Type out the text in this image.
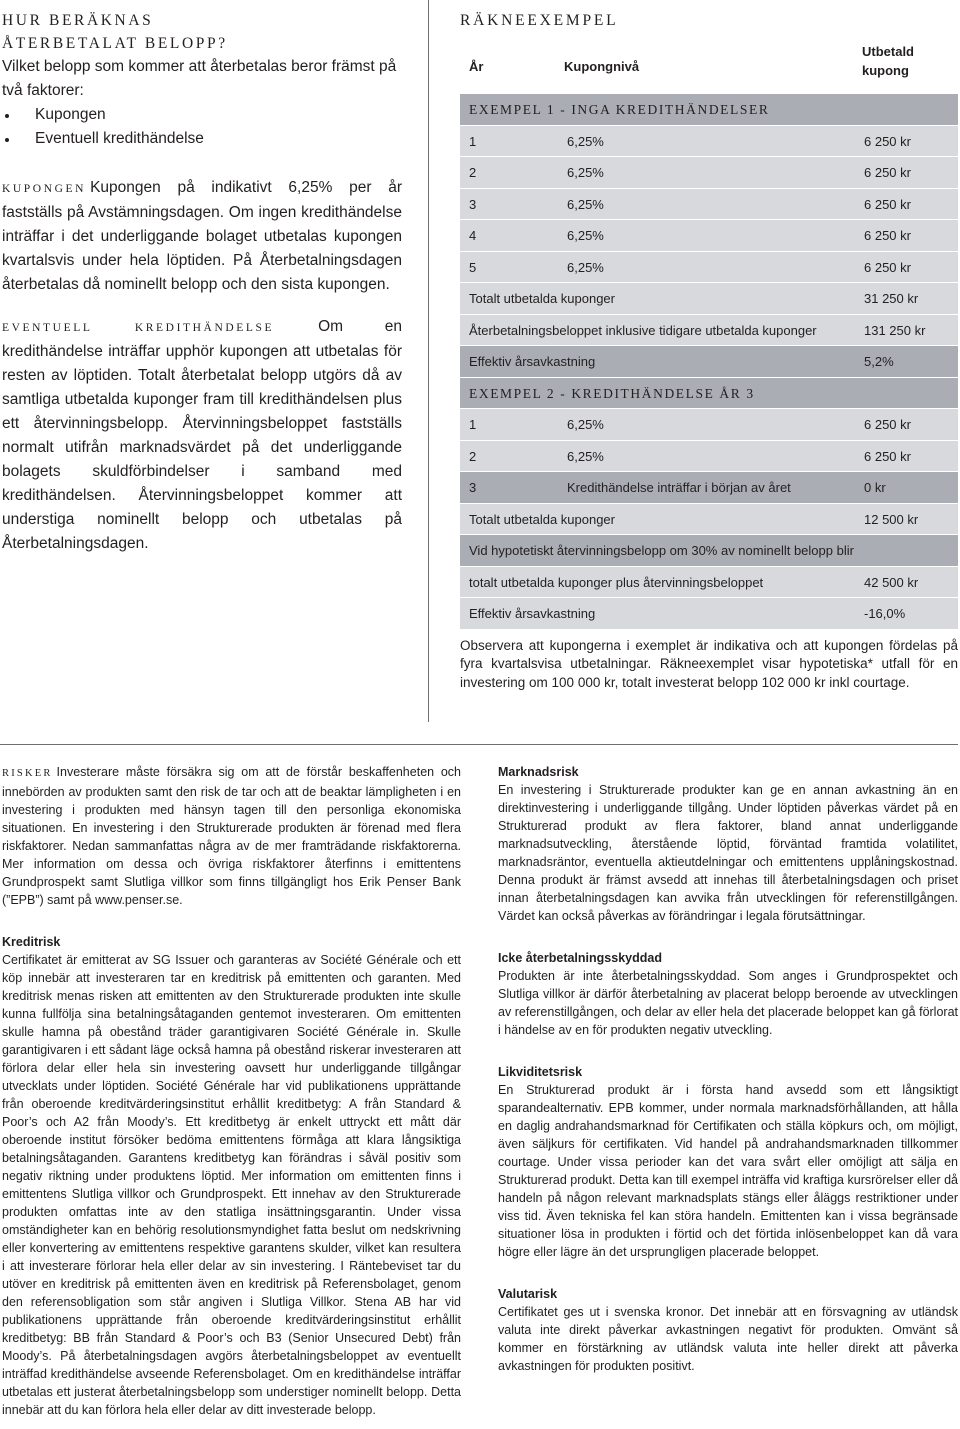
HUR BERÄKNAS
ÅTERBETALAT BELOPP?

Vilket belopp som kommer att återbetalas beror främst på två faktorer:

Kupongen
Eventuell kredithändelse

KUPONGEN Kupongen på indikativt 6,25% per år fastställs på Avstämningsdagen. Om ingen kredithändelse inträffar i det underliggande bolaget utbetalas kupongen kvartalsvis under hela löptiden. På Återbetalningsdagen återbetalas då nominellt belopp och den sista kupongen.

EVENTUELL KREDITHÄNDELSE	Om en kredithändelse inträffar upphör kupongen att utbetalas för resten av löptiden. Totalt återbetalat belopp utgörs då av samtliga utbetalda kuponger fram till kredithändelsen plus ett återvinningsbelopp. Återvinningsbeloppet fastställs normalt utifrån marknadsvärdet på det underliggande bolagets skuldförbindelser i samband med kredithändelsen. Återvinningsbeloppet kommer att understiga nominellt belopp och utbetalas på Återbetalningsdagen.

RÄKNEEXEMPEL
År	Kupongnivå
Utbetald
kupong
EXEMPEL 1 - INGA KREDITHÄNDELSER
1	6,25%	6 250 kr
2	6,25%	6 250 kr
3	6,25%	6 250 kr
4	6,25%	6 250 kr
5	6,25%	6 250 kr
Totalt utbetalda kuponger	31 250 kr
Återbetalningsbeloppet inklusive tidigare utbetalda kuponger	131 250 kr
Effektiv årsavkastning	5,2%
EXEMPEL 2 - KREDITHÄNDELSE ÅR 3
1	6,25%	6 250 kr
2	6,25%	6 250 kr
3	Kredithändelse inträffar i början av året	0 kr
Totalt utbetalda kuponger	12 500 kr
Vid hypotetiskt återvinningsbelopp om 30% av nominellt belopp blir
totalt utbetalda kuponger plus återvinningsbeloppet	42 500 kr
Effektiv årsavkastning	-16,0%

Observera att kupongerna i exemplet är indikativa och att kupongen fördelas på fyra kvartalsvisa utbetalningar. Räkneexemplet visar hypotetiska* utfall för en investering om 100 000 kr, totalt investerat belopp 102 000 kr inkl courtage.

RISKER Investerare måste försäkra sig om att de förstår beskaffenheten och innebörden av produkten samt den risk de tar och att de beaktar lämpligheten i en investering i produkten med hänsyn tagen till den personliga ekonomiska situationen. En investering i den Strukturerade produkten är förenad med flera riskfaktorer. Nedan sammanfattas några av de mer framträdande riskfaktorerna. Mer information om dessa och övriga riskfaktorer återfinns i emittentens Grundprospekt samt Slutliga villkor som finns tillgängligt hos Erik Penser Bank (”EPB”) samt på www.penser.se.

Kreditrisk

Certifikatet är emitterat av SG Issuer och garanteras av Société Générale och ett köp innebär att investeraren tar en kreditrisk på emittenten och garanten. Med kreditrisk menas risken att emittenten av den Strukturerade produkten inte skulle kunna fullfölja sina betalningsåtaganden gentemot investeraren. Om emittenten skulle hamna på obestånd träder garantigivaren Société Générale in. Skulle garantigivaren i ett sådant läge också hamna på obestånd riskerar investeraren att förlora delar eller hela sin investering oavsett hur underliggande tillgångar utvecklats under löptiden. Société Générale har vid publikationens upprättande från oberoende kreditvärderingsinstitut erhållit kreditbetyg: A från Standard & Poor’s och A2 från Moody’s. Ett kreditbetyg är enkelt uttryckt ett mått där oberoende institut försöker bedöma emittentens förmåga att klara långsiktiga betalningsåtaganden. Garantens kreditbetyg kan förändras i såväl positiv som negativ riktning under produktens löptid. Mer information om emittenten finns i emittentens Slutliga villkor och Grundprospekt. Ett innehav av den Strukturerade produkten omfattas inte av den statliga insättningsgarantin. Under vissa omständigheter kan en behörig resolutionsmyndighet fatta beslut om nedskrivning eller konvertering av emittentens respektive garantens skulder, vilket kan resultera i att investerare förlorar hela eller delar av sin investering. I Räntebeviset tar du utöver en kreditrisk på emittenten även en kreditrisk på Referensbolaget, genom den referensobligation som står angiven i Slutliga Villkor. Stena AB har vid publikationens upprättande från oberoende kreditvärderingsinstitut erhållit kreditbetyg: BB från Standard & Poor’s och B3 (Senior Unsecured Debt) från Moody’s. På återbetalningsdagen avgörs återbetalningsbeloppet av eventuellt inträffad kredithändelse avseende Referensbolaget. Om en kredithändelse inträffar utbetalas ett justerat återbetalningsbelopp som understiger nominellt belopp. Detta innebär att du kan förlora hela eller delar av ditt investerade belopp.

Marknadsrisk

En investering i Strukturerade produkter kan ge en annan avkastning än en direktinvestering i underliggande tillgång. Under löptiden påverkas värdet på en Strukturerad produkt av flera faktorer, bland annat underliggande marknadsutveckling, återstående löptid, förväntad framtida volatilitet, marknadsräntor, eventuella aktieutdelningar och emittentens upplåningskostnad. Denna produkt är främst avsedd att innehas till återbetalningsdagen och priset innan återbetalningsdagen kan avvika från utvecklingen för referenstillgången. Värdet kan också påverkas av förändringar i legala förutsättningar.

Icke återbetalningsskyddad

Produkten är inte återbetalningsskyddad. Som anges i Grundprospektet och Slutliga villkor är därför återbetalning av placerat belopp beroende av utvecklingen av referenstillgången, och delar av eller hela det placerade beloppet kan gå förlorat i händelse av en för produkten negativ utveckling.

Likviditetsrisk

En Strukturerad produkt är i första hand avsedd som ett långsiktigt sparandealternativ. EPB kommer, under normala marknadsförhållanden, att hålla en daglig andrahandsmarknad för Certifikaten och ställa köpkurs och, om möjligt, även säljkurs för certifikaten. Vid handel på andrahandsmarknaden tillkommer courtage. Under vissa perioder kan det vara svårt eller omöjligt att sälja en Strukturerad produkt. Detta kan till exempel inträffa vid kraftiga kursrörelser eller då handeln på någon relevant marknadsplats stängs eller åläggs restriktioner under viss tid. Även tekniska fel kan störa handeln. Emittenten kan i vissa begränsade situationer lösa in produkten i förtid och det förtida inlösenbeloppet kan då vara högre eller lägre än det ursprungligen placerade beloppet.

Valutarisk

Certifikatet ges ut i svenska kronor. Det innebär att en försvagning av utländsk valuta inte direkt påverkar avkastningen negativt för produkten. Omvänt så kommer en förstärkning av utländsk valuta inte heller direkt att påverka avkastningen för produkten positivt.
